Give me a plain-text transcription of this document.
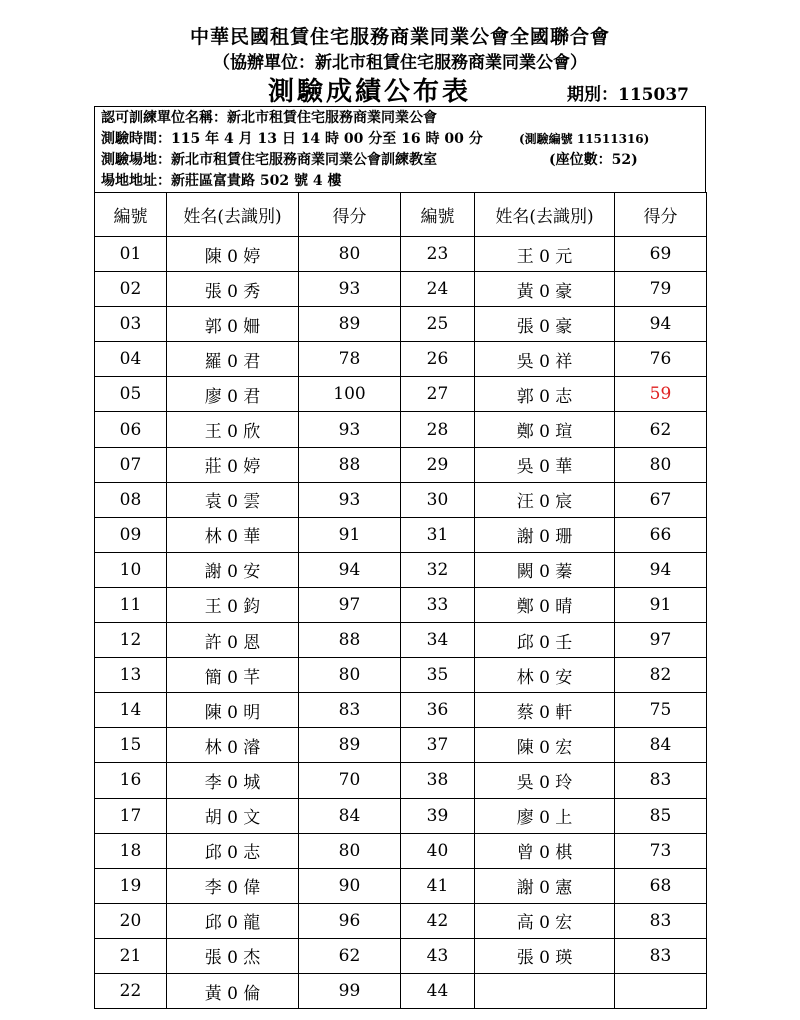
中華民國租賃住宅服務商業同業公會全國聯合會
（協辦單位：新北市租賃住宅服務商業同業公會）
測驗成績公布表	期別：115037
認可訓練單位名稱：新北市租賃住宅服務商業同業公會
測驗時間：115 年 4 月 13 日 14 時 00 分至 16 時 00 分	(測驗編號 11511316)
測驗場地：新北市租賃住宅服務商業同業公會訓練教室	(座位數：52)
場地地址：新莊區富貴路 502 號 4 樓
編號	姓名(去識別)	得分	編號	姓名(去識別)	得分
01	陳 0 婷	80	23	王 0 元	69
02	張 0 秀	93	24	黃 0 豪	79
03	郭 0 姍	89	25	張 0 豪	94
04	羅 0 君	78	26	吳 0 祥	76
05	廖 0 君	100	27	郭 0 志	59
06	王 0 欣	93	28	鄭 0 瑄	62
07	莊 0 婷	88	29	吳 0 華	80
08	袁 0 雲	93	30	汪 0 宸	67
09	林 0 華	91	31	謝 0 珊	66
10	謝 0 安	94	32	闕 0 蓁	94
11	王 0 鈞	97	33	鄭 0 晴	91
12	許 0 恩	88	34	邱 0 壬	97
13	簡 0 芊	80	35	林 0 安	82
14	陳 0 明	83	36	蔡 0 軒	75
15	林 0 濬	89	37	陳 0 宏	84
16	李 0 城	70	38	吳 0 玲	83
17	胡 0 文	84	39	廖 0 上	85
18	邱 0 志	80	40	曾 0 棋	73
19	李 0 偉	90	41	謝 0 憲	68
20	邱 0 龍	96	42	高 0 宏	83
21	張 0 杰	62	43	張 0 瑛	83
22	黃 0 倫	99	44		
